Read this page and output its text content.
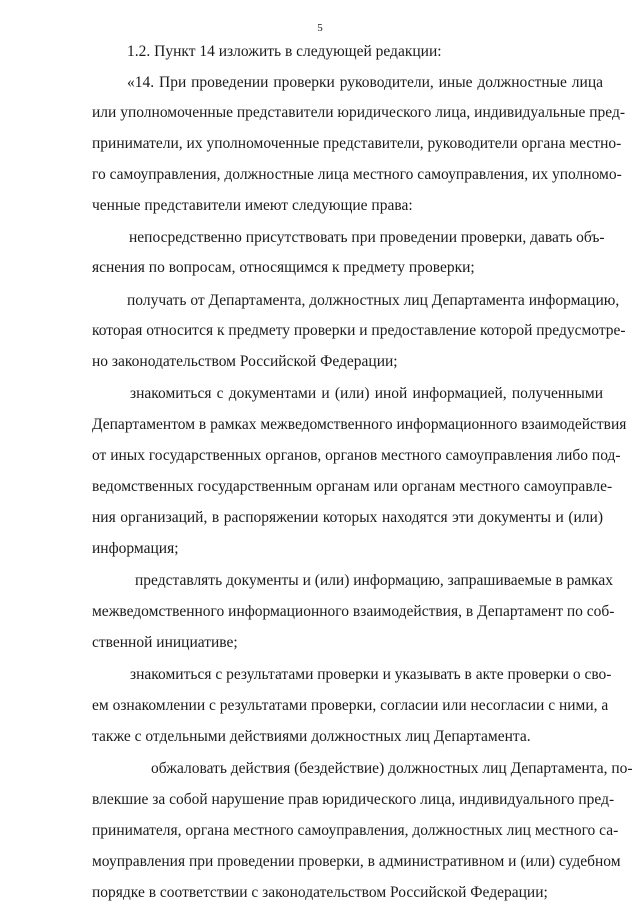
5
1.2. Пункт 14 изложить в следующей редакции:
«14. При проведении проверки руководители, иные должностные лица
или уполномоченные представители юридического лица, индивидуальные пред-
приниматели, их уполномоченные представители, руководители органа местно-
го самоуправления, должностные лица местного самоуправления, их уполномо-
ченные представители имеют следующие права:
непосредственно присутствовать при проведении проверки, давать объ-
яснения по вопросам, относящимся к предмету проверки;
получать от Департамента, должностных лиц Департамента информацию,
которая относится к предмету проверки и предоставление которой предусмотре-
но законодательством Российской Федерации;
знакомиться с документами и (или) иной информацией, полученными
Департаментом в рамках межведомственного информационного взаимодействия
от иных государственных органов, органов местного самоуправления либо под-
ведомственных государственным органам или органам местного самоуправле-
ния организаций, в распоряжении которых находятся эти документы и (или)
информация;
представлять документы и (или) информацию, запрашиваемые в рамках
межведомственного информационного взаимодействия, в Департамент по соб-
ственной инициативе;
знакомиться с результатами проверки и указывать в акте проверки о сво-
ем ознакомлении с результатами проверки, согласии или несогласии с ними, а
также с отдельными действиями должностных лиц Департамента.
обжаловать действия (бездействие) должностных лиц Департамента, по-
влекшие за собой нарушение прав юридического лица, индивидуального пред-
принимателя, органа местного самоуправления, должностных лиц местного са-
моуправления при проведении проверки, в административном и (или) судебном
порядке в соответствии с законодательством Российской Федерации;
